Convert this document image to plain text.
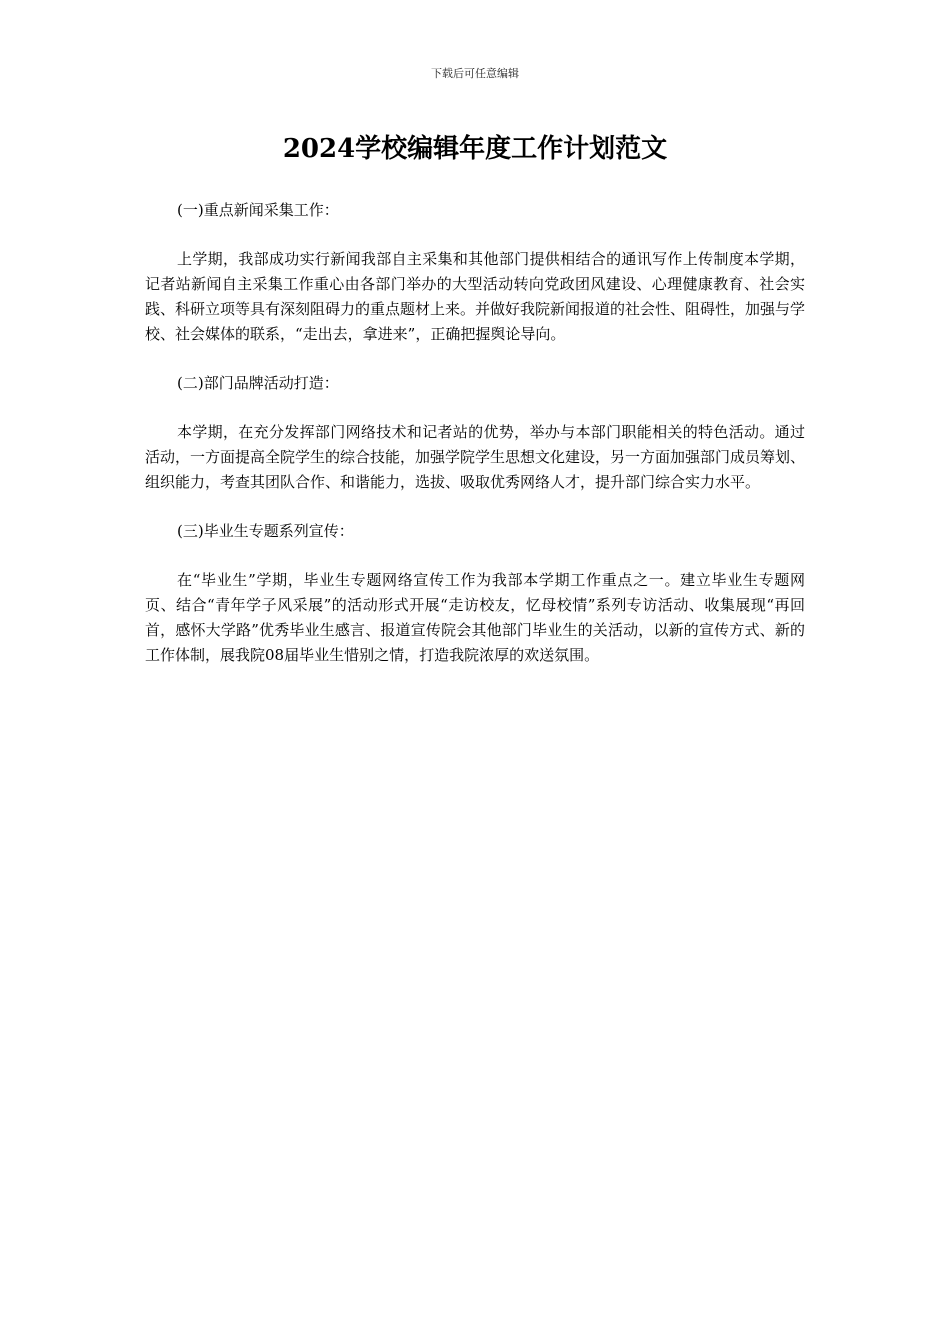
下载后可任意编辑
2024学校编辑年度工作计划范文

(一)重点新闻采集工作：

上学期，我部成功实行新闻我部自主采集和其他部门提供相结合的通讯写作上传制度本学期，记者站新闻自主采集工作重心由各部门举办的大型活动转向党政团风建设、心理健康教育、社会实践、科研立项等具有深刻阻碍力的重点题材上来。并做好我院新闻报道的社会性、阻碍性，加强与学校、社会媒体的联系，“走出去，拿进来”，正确把握舆论导向。

(二)部门品牌活动打造：

本学期，在充分发挥部门网络技术和记者站的优势，举办与本部门职能相关的特色活动。通过活动，一方面提高全院学生的综合技能，加强学院学生思想文化建设，另一方面加强部门成员筹划、组织能力，考查其团队合作、和谐能力，选拔、吸取优秀网络人才，提升部门综合实力水平。

(三)毕业生专题系列宣传：

在“毕业生”学期，毕业生专题网络宣传工作为我部本学期工作重点之一。建立毕业生专题网页、结合“青年学子风采展”的活动形式开展“走访校友，忆母校情”系列专访活动、收集展现“再回首，感怀大学路”优秀毕业生感言、报道宣传院会其他部门毕业生的关活动，以新的宣传方式、新的工作体制，展我院08届毕业生惜别之情，打造我院浓厚的欢送氛围。
